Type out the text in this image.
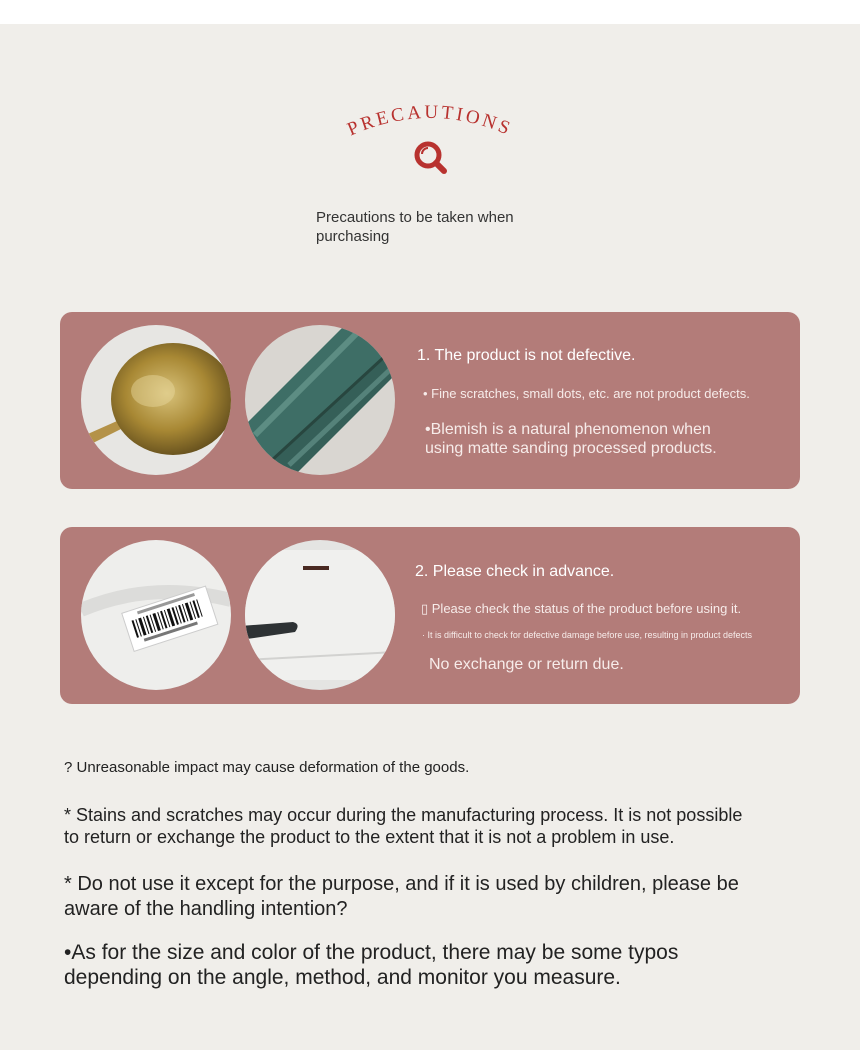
PRECAUTIONS
Precautions to be taken when purchasing
1. The product is not defective.
• Fine scratches, small dots, etc. are not product defects.
•Blemish is a natural phenomenon when using matte sanding processed products.
2. Please check in advance.
▯ Please check the status of the product before using it.
· It is difficult to check for defective damage before use, resulting in product defects
No exchange or return due.
? Unreasonable impact may cause deformation of the goods.
* Stains and scratches may occur during the manufacturing process. It is not possible to return or exchange the product to the extent that it is not a problem in use.
* Do not use it except for the purpose, and if it is used by children, please be aware of the handling intention?
•As for the size and color of the product, there may be some typos depending on the angle, method, and monitor you measure.
